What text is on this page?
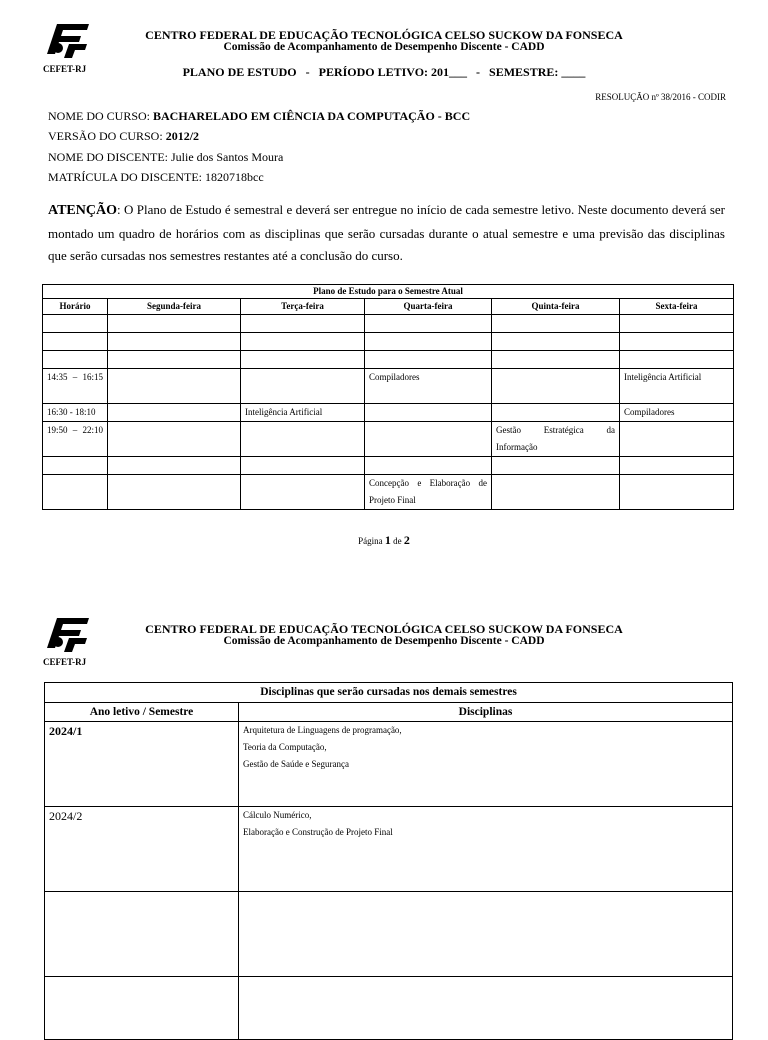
CEFET-RJ
CENTRO FEDERAL DE EDUCAÇÃO TECNOLÓGICA CELSO SUCKOW DA FONSECA
Comissão de Acompanhamento de Desempenho Discente - CADD
PLANO DE ESTUDO   -   PERÍODO LETIVO: 201___   -   SEMESTRE: ____
RESOLUÇÃO nº 38/2016 - CODIR
NOME DO CURSO: BACHARELADO EM CIÊNCIA DA COMPUTAÇÃO - BCC
VERSÃO DO CURSO: 2012/2
NOME DO DISCENTE: Julie dos Santos Moura
MATRÍCULA DO DISCENTE: 1820718bcc
ATENÇÃO: O Plano de Estudo é semestral e deverá ser entregue no início de cada semestre letivo. Neste documento deverá ser montado um quadro de horários com as disciplinas que serão cursadas durante o atual semestre e uma previsão das disciplinas que serão cursadas nos semestres restantes até a conclusão do curso.
Plano de Estudo para o Semestre Atual					
Horário	Segunda-feira	Terça-feira	Quarta-feira	Quinta-feira	Sexta-feira

14:35 – 16:15			Compiladores		Inteligência Artificial
16:30 - 18:10		Inteligência Artificial			Compiladores
19:50 – 22:10				Gestão Estratégica da Informação	

			Concepção e Elaboração de Projeto Final		
Página 1 de 2
CEFET-RJ
CENTRO FEDERAL DE EDUCAÇÃO TECNOLÓGICA CELSO SUCKOW DA FONSECA
Comissão de Acompanhamento de Desempenho Discente - CADD
Disciplinas que serão cursadas nos demais semestres	
Ano letivo / Semestre	Disciplinas
2024/1	Arquitetura de Linguagens de programação,
Teoria da Computação,
Gestão de Saúde e Segurança

2024/2	Cálculo Numérico,
Elaboração e Construção de Projeto Final
